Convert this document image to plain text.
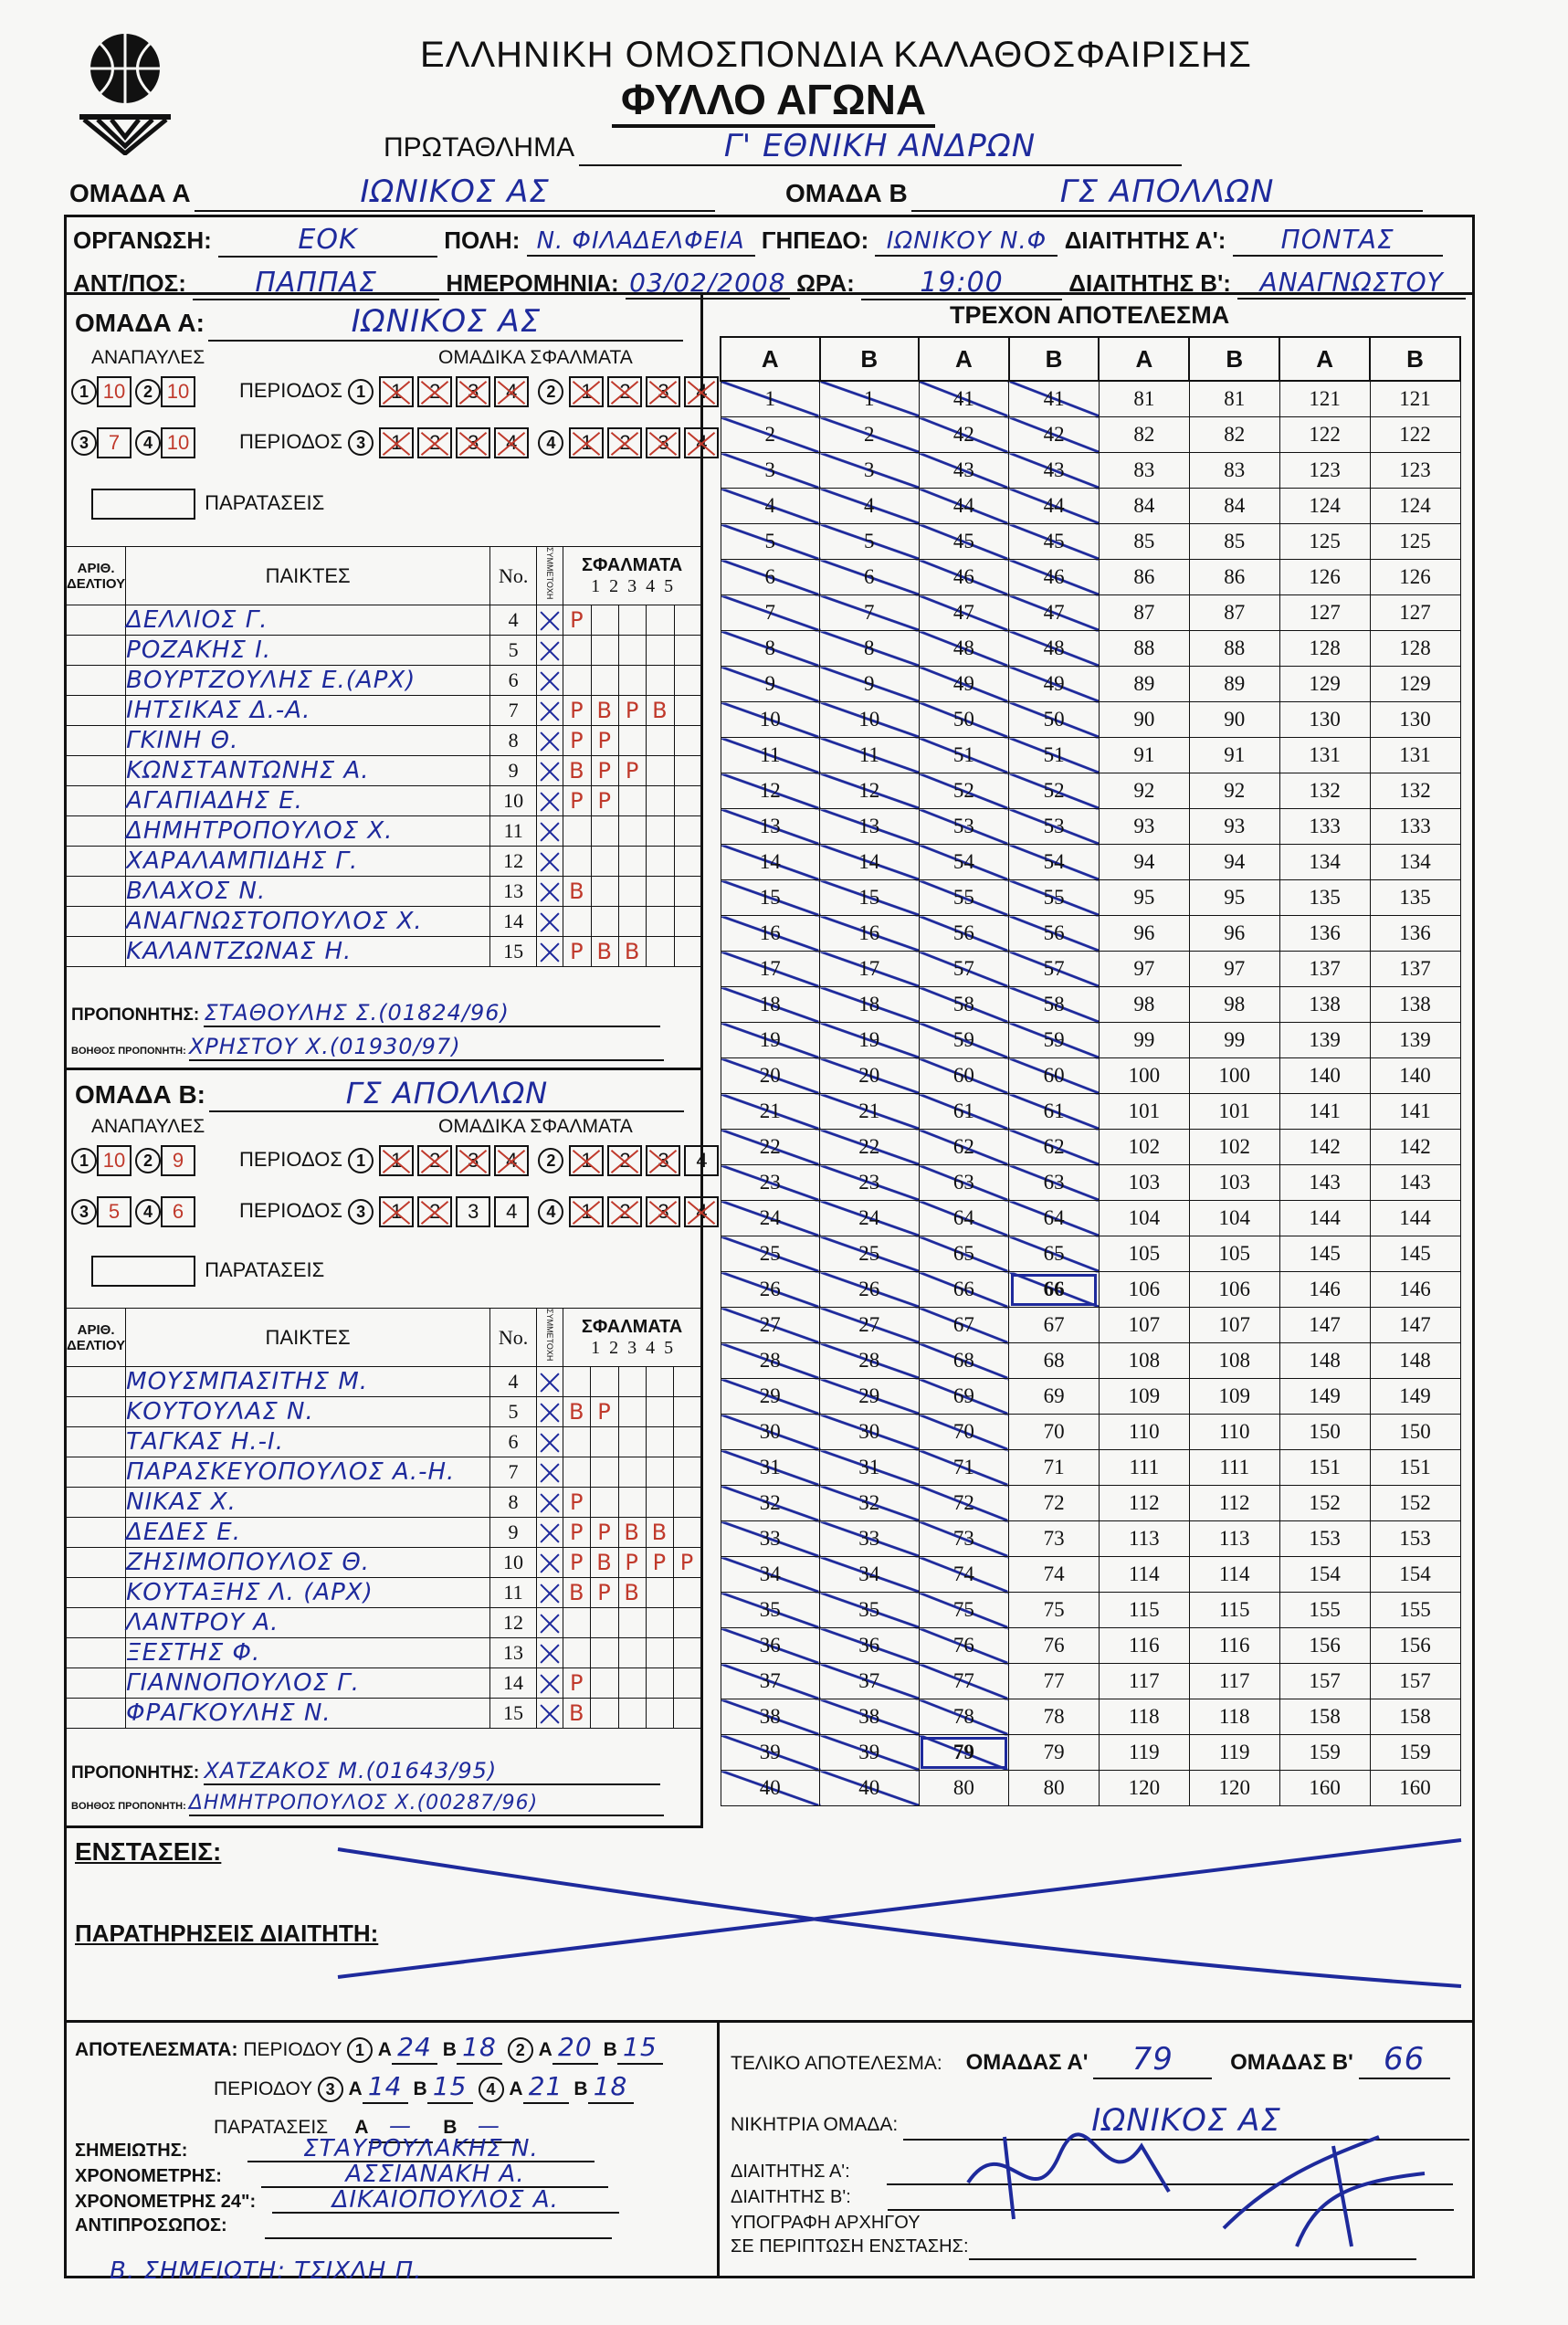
ΕΛΛΗΝΙΚΗ ΟΜΟΣΠΟΝΔΙΑ ΚΑΛΑΘΟΣΦΑΙΡΙΣΗΣ
ΦΥΛΛΟ ΑΓΩΝΑ
ΠΡΩΤΑΘΛΗΜΑ	Γ' ΕΘΝΙΚΗ ΑΝΔΡΩΝ
ΟΜΑΔΑ Α	ΙΩΝΙΚΟΣ ΑΣ	ΟΜΑΔΑ Β	ΓΣ ΑΠΟΛΛΩΝ
ΟΡΓΑΝΩΣΗ:	ΕΟΚ	ΠΟΛΗ: Ν. ΦΙΛΑΔΕΛΦΕΙΑ ΓΗΠΕΔΟ: ΙΩΝΙΚΟΥ Ν.Φ ΔΙΑΙΤΗΤΗΣ Α': ΠΟΝΤΑΣ
ΑΝΤ/ΠΟΣ:	ΠΑΠΠΑΣ	ΗΜΕΡΟΜΗΝΙΑ: 03/02/2008 ΩΡΑ: 19:00	ΔΙΑΙΤΗΤΗΣ Β': ΑΝΑΓΝΩΣΤΟΥ
ΟΜΑΔΑ Α:	ΙΩΝΙΚΟΣ ΑΣ
ΑΝΑΠΑΥΛΕΣ	ΟΜΑΔΙΚΑ ΣΦΑΛΜΑΤΑ
1 10 2 10
3 7 4 10
ΠΕΡΙΟΔΟΣ 1 1 2 3 4 2 1 2 3 4
ΠΕΡΙΟΔΟΣ 3 1 2 3 4 4 1 2 3 4
ΠΑΡΑΤΑΣΕΙΣ
ΑΡΙΘ. ΔΕΛΤΙΟΥ	ΠΑΙΚΤΕΣ	No.	ΣΥΜΜΕΤΟΧΗ	ΣΦΑΛΜΑΤΑ
1  2  3  4  5				
	ΔΕΛΛΙΟΣ Γ.	4		P				
	ΡΟΖΑΚΗΣ Ι.	5						
	ΒΟΥΡΤΖΟΥΛΗΣ Ε.(ΑΡΧ)	6						
	ΙΗΤΣΙΚΑΣ Δ.-Α.	7		P	B	P	B	
	ΓΚΙΝΗ Θ.	8		P	P			
	ΚΩΝΣΤΑΝΤΩΝΗΣ Α.	9		B	P	P		
	ΑΓΑΠΙΑΔΗΣ Ε.	10		P	P			
	ΔΗΜΗΤΡΟΠΟΥΛΟΣ Χ.	11						
	ΧΑΡΑΛΑΜΠΙΔΗΣ Γ.	12						
	ΒΛΑΧΟΣ Ν.	13		B				
	ΑΝΑΓΝΩΣΤΟΠΟΥΛΟΣ Χ.	14						
	ΚΑΛΑΝΤΖΩΝΑΣ Η.	15		P	B	B		
ΠΡΟΠΟΝΗΤΗΣ: ΣΤΑΘΟΥΛΗΣ Σ.(01824/96)
ΒΟΗΘΟΣ ΠΡΟΠΟΝΗΤΗ: ΧΡΗΣΤΟΥ Χ.(01930/97)
ΟΜΑΔΑ Β:	ΓΣ ΑΠΟΛΛΩΝ
ΑΝΑΠΑΥΛΕΣ	ΟΜΑΔΙΚΑ ΣΦΑΛΜΑΤΑ
1 10 2 9
3 5 4 6
ΠΕΡΙΟΔΟΣ 1 1 2 3 4 2 1 2 3 4
ΠΕΡΙΟΔΟΣ 3 1 2 3 4 4 1 2 3 4
ΠΑΡΑΤΑΣΕΙΣ
ΑΡΙΘ. ΔΕΛΤΙΟΥ	ΠΑΙΚΤΕΣ	No.	ΣΥΜΜΕΤΟΧΗ	ΣΦΑΛΜΑΤΑ
1  2  3  4  5				
	ΜΟΥΣΜΠΑΣΙΤΗΣ Μ.	4						
	ΚΟΥΤΟΥΛΑΣ Ν.	5		B	P			
	ΤΑΓΚΑΣ Η.-Ι.	6						
	ΠΑΡΑΣΚΕΥΟΠΟΥΛΟΣ Α.-Η.	7						
	ΝΙΚΑΣ Χ.	8		P				
	ΔΕΔΕΣ Ε.	9		P	P	B	B	
	ΖΗΣΙΜΟΠΟΥΛΟΣ Θ.	10		P	B	P	P	P
	ΚΟΥΤΑΞΗΣ Λ. (ΑΡΧ)	11		B	P	B		
	ΛΑΝΤΡΟΥ Α.	12						
	ΞΕΣΤΗΣ Φ.	13						
	ΓΙΑΝΝΟΠΟΥΛΟΣ Γ.	14		P				
	ΦΡΑΓΚΟΥΛΗΣ Ν.	15		B				
ΠΡΟΠΟΝΗΤΗΣ: ΧΑΤΖΑΚΟΣ Μ.(01643/95)
ΒΟΗΘΟΣ ΠΡΟΠΟΝΗΤΗ: ΔΗΜΗΤΡΟΠΟΥΛΟΣ Χ.(00287/96)
ΤΡΕΧΟΝ ΑΠΟΤΕΛΕΣΜΑ
Α	Β	Α	Β	Α	Β	Α	Β
1	1	41	41	81	81	121	121
2	2	42	42	82	82	122	122
3	3	43	43	83	83	123	123
4	4	44	44	84	84	124	124
5	5	45	45	85	85	125	125
6	6	46	46	86	86	126	126
7	7	47	47	87	87	127	127
8	8	48	48	88	88	128	128
9	9	49	49	89	89	129	129
10	10	50	50	90	90	130	130
11	11	51	51	91	91	131	131
12	12	52	52	92	92	132	132
13	13	53	53	93	93	133	133
14	14	54	54	94	94	134	134
15	15	55	55	95	95	135	135
16	16	56	56	96	96	136	136
17	17	57	57	97	97	137	137
18	18	58	58	98	98	138	138
19	19	59	59	99	99	139	139
20	20	60	60	100	100	140	140
21	21	61	61	101	101	141	141
22	22	62	62	102	102	142	142
23	23	63	63	103	103	143	143
24	24	64	64	104	104	144	144
25	25	65	65	105	105	145	145
26	26	66	66	106	106	146	146
27	27	67	67	107	107	147	147
28	28	68	68	108	108	148	148
29	29	69	69	109	109	149	149
30	30	70	70	110	110	150	150
31	31	71	71	111	111	151	151
32	32	72	72	112	112	152	152
33	33	73	73	113	113	153	153
34	34	74	74	114	114	154	154
35	35	75	75	115	115	155	155
36	36	76	76	116	116	156	156
37	37	77	77	117	117	157	157
38	38	78	78	118	118	158	158
39	39	79	79	119	119	159	159
40	40	80	80	120	120	160	160
ΕΝΣΤΑΣΕΙΣ:
ΠΑΡΑΤΗΡΗΣΕΙΣ ΔΙΑΙΤΗΤΗ:
ΑΠΟΤΕΛΕΣΜΑΤΑ: ΠΕΡΙΟΔΟΥ 1 Α 24 Β 18 2 Α 20 Β 15
ΠΕΡΙΟΔΟΥ 3 Α 14 Β 15 4 Α 21 Β 18
ΠΑΡΑΤΑΣΕΙΣ Α — Β —
ΣΗΜΕΙΩΤΗΣ:	ΣΤΑΥΡΟΥΛΑΚΗΣ Ν.
ΧΡΟΝΟΜΕΤΡΗΣ:	ΑΣΣΙΑΝΑΚΗ Α.
ΧΡΟΝΟΜΕΤΡΗΣ 24":	ΔΙΚΑΙΟΠΟΥΛΟΣ Α.
ΑΝΤΙΠΡΟΣΩΠΟΣ:
Β. ΣΗΜΕΙΩΤΗ: ΤΣΙΧΛΗ Π.
ΤΕΛΙΚΟ ΑΠΟΤΕΛΕΣΜΑ: ΟΜΑΔΑΣ Α' 79	ΟΜΑΔΑΣ Β' 66
ΝΙΚΗΤΡΙΑ ΟΜΑΔΑ:	ΙΩΝΙΚΟΣ ΑΣ
ΔΙΑΙΤΗΤΗΣ Α':
ΔΙΑΙΤΗΤΗΣ Β':
ΥΠΟΓΡΑΦΗ ΑΡΧΗΓΟΥ
ΣΕ ΠΕΡΙΠΤΩΣΗ ΕΝΣΤΑΣΗΣ:
